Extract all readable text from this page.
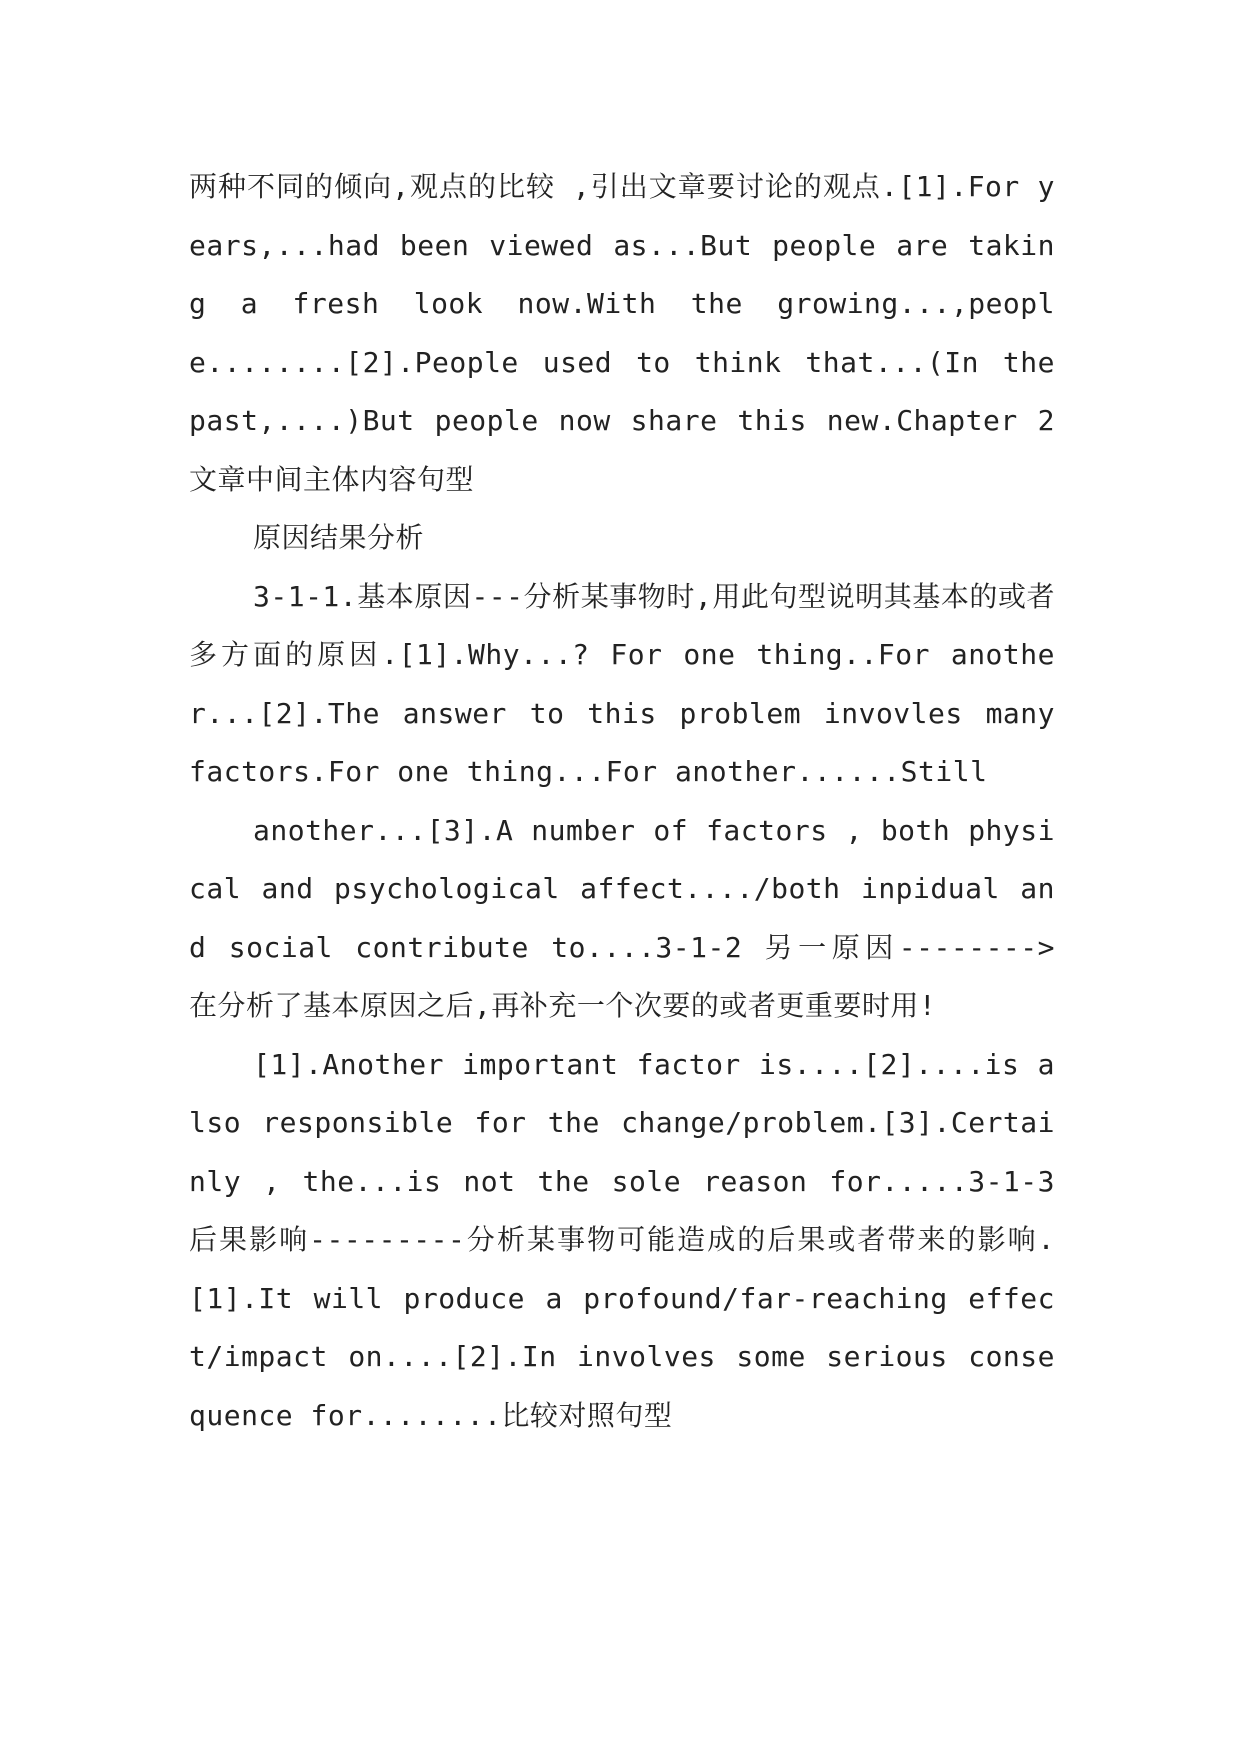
两种不同的倾向,观点的比较 ,引出文章要讨论的观点.[1].For years,...had been viewed as...But people are taking a fresh look now.With the growing...,people........[2].People used to think that...(In the past,....)But people now share this new.Chapter 2 文章中间主体内容句型

原因结果分析

3-1-1.基本原因---分析某事物时,用此句型说明其基本的或者多方面的原因.[1].Why...? For one thing..For another...[2].The answer to this problem invovles many factors.For one thing...For another......Still

another...[3].A number of factors , both physical and psychological affect..../both inpidual and social contribute to....3-1-2 另一原因--------> 在分析了基本原因之后,再补充一个次要的或者更重要时用!

[1].Another important factor is....[2]....is also responsible for the change/problem.[3].Certainly , the...is not the sole reason for.....3-1-3 后果影响---------分析某事物可能造成的后果或者带来的影响.[1].It will produce a profound/far-reaching effect/impact on....[2].In involves some serious consequence for........比较对照句型
